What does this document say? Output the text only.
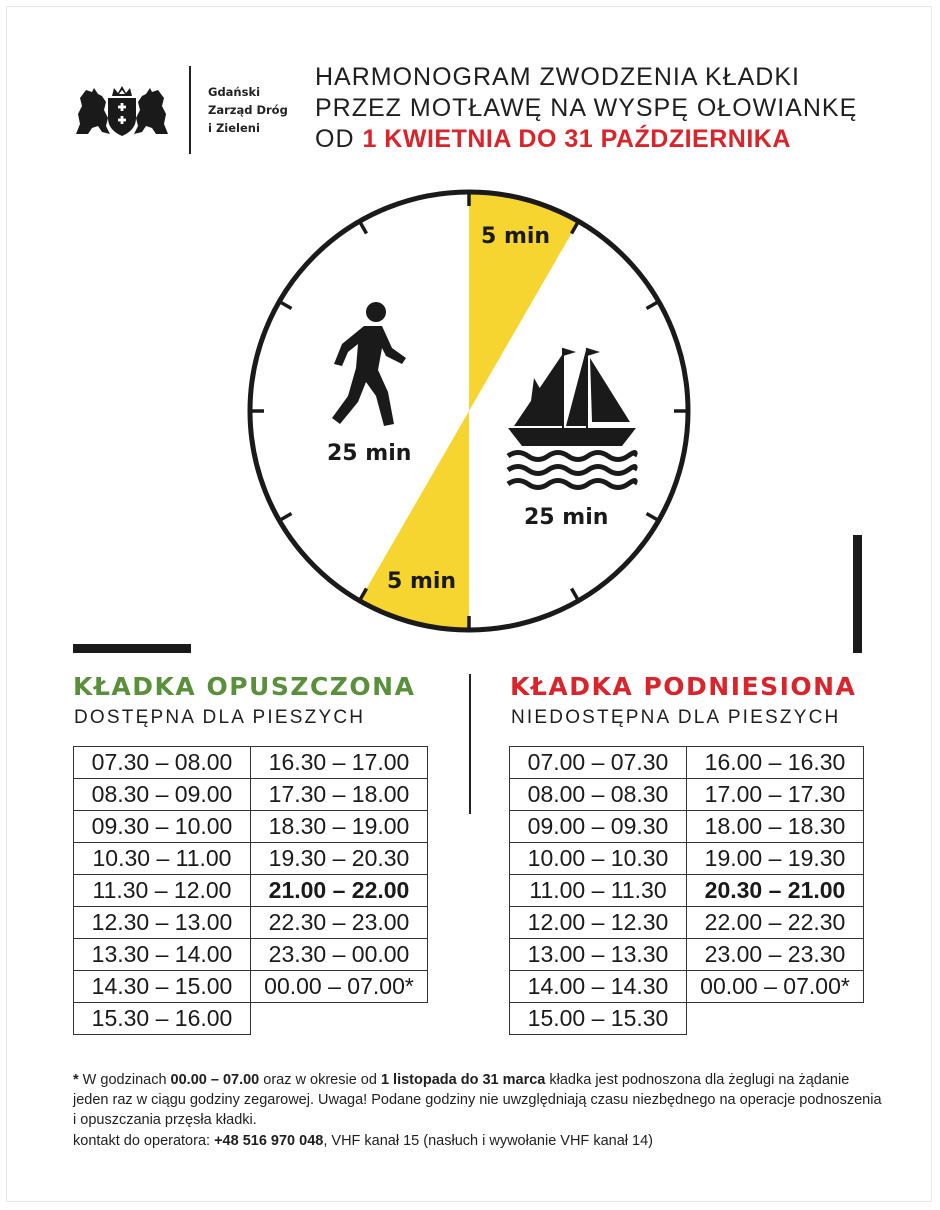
Gdański
Zarząd Dróg
i Zieleni
HARMONOGRAM ZWODZENIA KŁADKI
PRZEZ MOTŁAWĘ NA WYSPĘ OŁOWIANKĘ
OD 1 KWIETNIA DO 31 PAŹDZIERNIKA
5 min
25 min
25 min
5 min
KŁADKA OPUSZCZONA
DOSTĘPNA DLA PIESZYCH
07.30 – 08.00	16.30 – 17.00
08.30 – 09.00	17.30 – 18.00
09.30 – 10.00	18.30 – 19.00
10.30 – 11.00	19.30 – 20.30
11.30 – 12.00	21.00 – 22.00
12.30 – 13.00	22.30 – 23.00
13.30 – 14.00	23.30 – 00.00
14.30 – 15.00	00.00 – 07.00*
15.30 – 16.00
KŁADKA PODNIESIONA
NIEDOSTĘPNA DLA PIESZYCH
07.00 – 07.30	16.00 – 16.30
08.00 – 08.30	17.00 – 17.30
09.00 – 09.30	18.00 – 18.30
10.00 – 10.30	19.00 – 19.30
11.00 – 11.30	20.30 – 21.00
12.00 – 12.30	22.00 – 22.30
13.00 – 13.30	23.00 – 23.30
14.00 – 14.30	00.00 – 07.00*
15.00 – 15.30
* W godzinach 00.00 – 07.00 oraz w okresie od 1 listopada do 31 marca kładka jest podnoszona dla żeglugi na żądanie jeden raz w ciągu godziny zegarowej. Uwaga! Podane godziny nie uwzględniają czasu niezbędnego na operacje podnoszenia i opuszczania przęsła kładki.
kontakt do operatora: +48 516 970 048, VHF kanał 15 (nasłuch i wywołanie VHF kanał 14)
